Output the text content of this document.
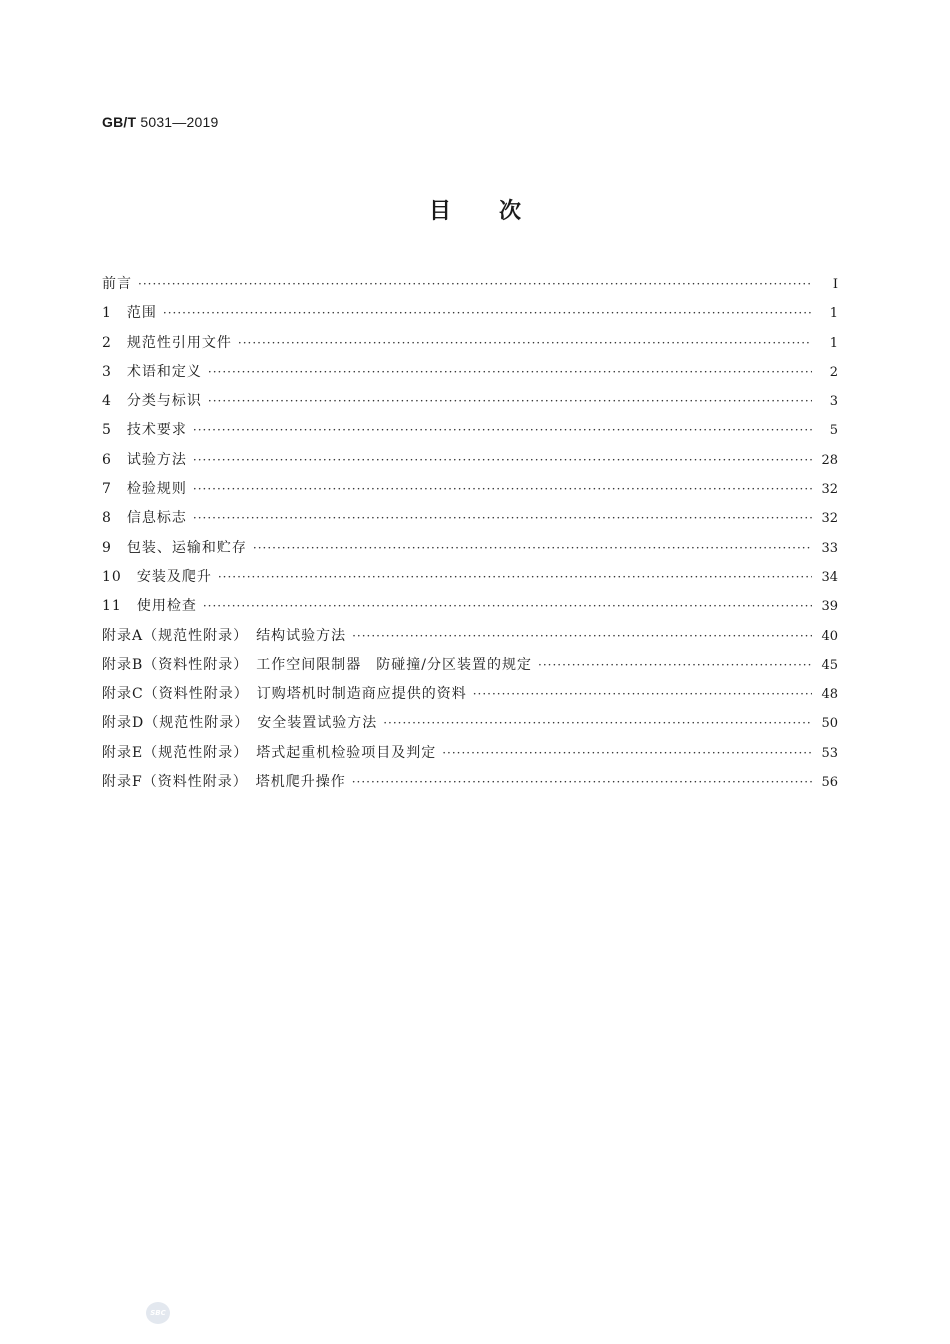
GB/T 5031—2019
目次
前言 ·····	Ⅰ
1　范围 ·····	1
2　规范性引用文件 ·····	1
3　术语和定义 ·····	2
4　分类与标识 ·····	3
5　技术要求 ·····	5
6　试验方法 ·····	28
7　检验规则 ·····	32
8　信息标志 ·····	32
9　包装、运输和贮存 ·····	33
10　安装及爬升 ·····	34
11　使用检查 ·····	39
附录A（规范性附录）　结构试验方法 ·····	40
附录B（资料性附录）　工作空间限制器　防碰撞/分区装置的规定 ·····	45
附录C（资料性附录）　订购塔机时制造商应提供的资料 ·····	48
附录D（规范性附录）　安全装置试验方法 ·····	50
附录E（规范性附录）　塔式起重机检验项目及判定 ·····	53
附录F（资料性附录）　塔机爬升操作 ·····	56
SBC
